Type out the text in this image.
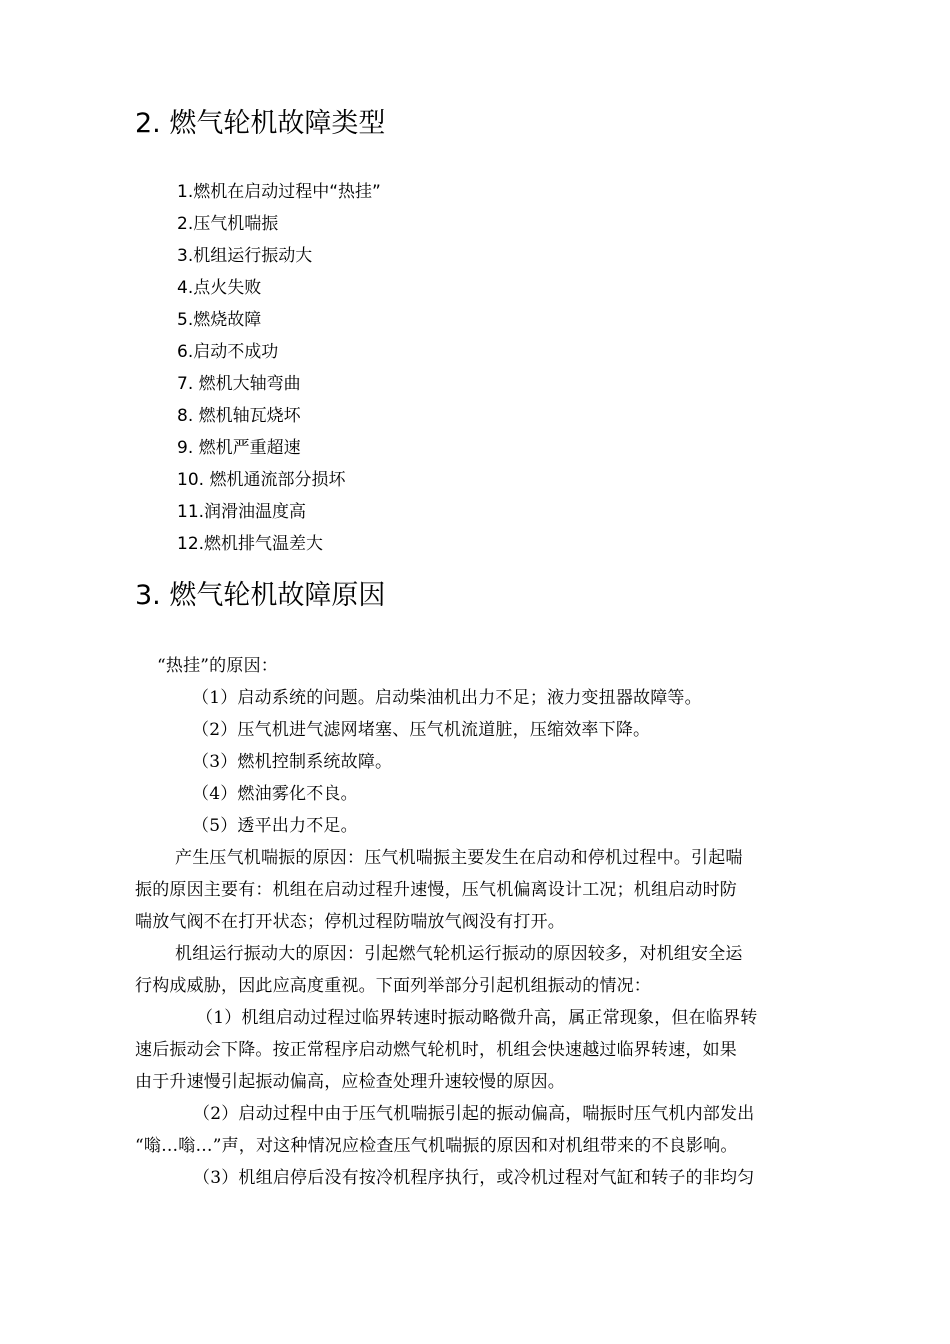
2. 燃气轮机故障类型
1.燃机在启动过程中“热挂”
2.压气机喘振
3.机组运行振动大
4.点火失败
5.燃烧故障
6.启动不成功
7. 燃机大轴弯曲
8. 燃机轴瓦烧坏
9. 燃机严重超速
10. 燃机通流部分损坏
11.润滑油温度高
12.燃机排气温差大
3. 燃气轮机故障原因

“热挂”的原因：

（1）启动系统的问题。启动柴油机出力不足；液力变扭器故障等。

（2）压气机进气滤网堵塞、压气机流道脏，压缩效率下降。

（3）燃机控制系统故障。

（4）燃油雾化不良。

（5）透平出力不足。

产生压气机喘振的原因：压气机喘振主要发生在启动和停机过程中。引起喘

振的原因主要有：机组在启动过程升速慢，压气机偏离设计工况；机组启动时防

喘放气阀不在打开状态；停机过程防喘放气阀没有打开。

机组运行振动大的原因：引起燃气轮机运行振动的原因较多，对机组安全运

行构成威胁，因此应高度重视。下面列举部分引起机组振动的情况：

（1）机组启动过程过临界转速时振动略微升高，属正常现象，但在临界转

速后振动会下降。按正常程序启动燃气轮机时，机组会快速越过临界转速，如果

由于升速慢引起振动偏高，应检查处理升速较慢的原因。

（2）启动过程中由于压气机喘振引起的振动偏高，喘振时压气机内部发出

“嗡…嗡…”声，对这种情况应检查压气机喘振的原因和对机组带来的不良影响。

（3）机组启停后没有按冷机程序执行，或冷机过程对气缸和转子的非均匀
